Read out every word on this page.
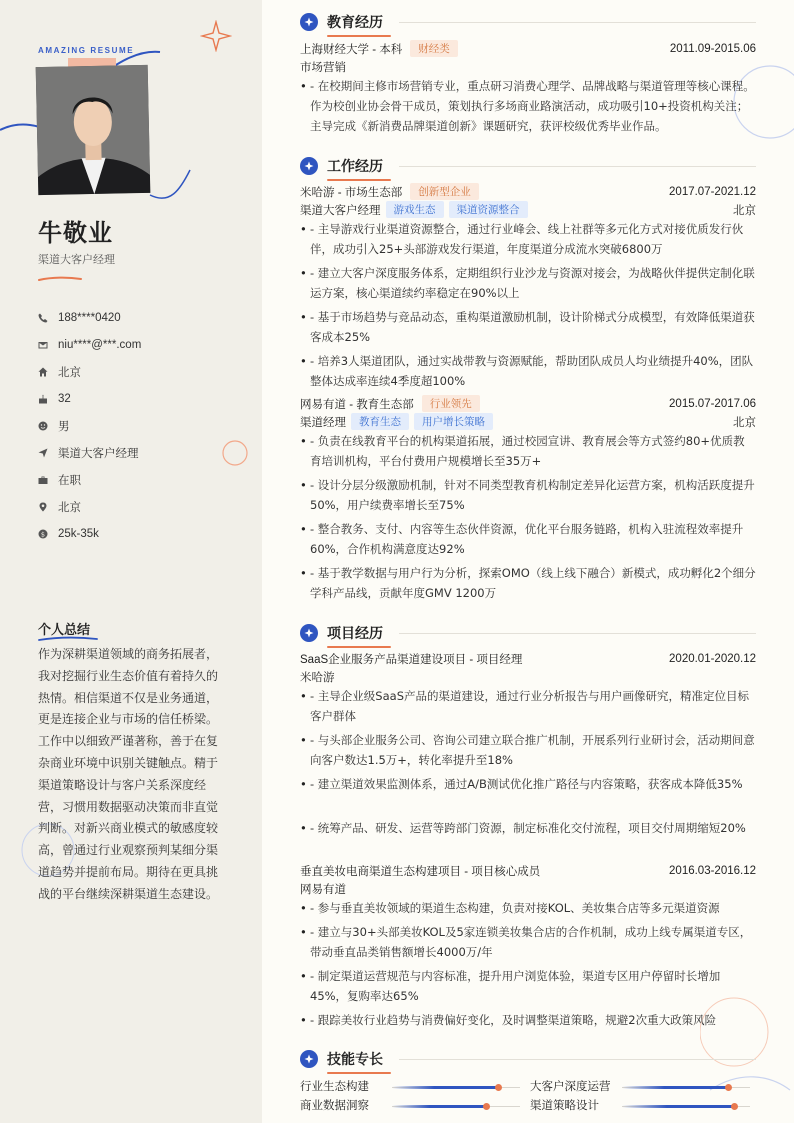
AMAZING RESUME
牛敬业
渠道大客户经理
188****0420
niu****@***.com
北京
32
男
渠道大客户经理
在职
北京
$ 25k-35k
个人总结
作为深耕渠道领域的商务拓展者，我对挖掘行业生态价值有着持久的热情。相信渠道不仅是业务通道，更是连接企业与市场的信任桥梁。工作中以细致严谨著称，善于在复杂商业环境中识别关键触点。精于渠道策略设计与客户关系深度经营，习惯用数据驱动决策而非直觉判断。对新兴商业模式的敏感度较高，曾通过行业观察预判某细分渠道趋势并提前布局。期待在更具挑战的平台继续深耕渠道生态建设。
教育经历
上海财经大学 - 本科	财经类	2011.09-2015.06
市场营销
• - 在校期间主修市场营销专业，重点研习消费心理学、品牌战略与渠道管理等核心课程。作为校创业协会骨干成员，策划执行多场商业路演活动，成功吸引10+投资机构关注；主导完成《新消费品牌渠道创新》课题研究，获评校级优秀毕业作品。
工作经历
米哈游 - 市场生态部	创新型企业	2017.07-2021.12
渠道大客户经理	游戏生态	渠道资源整合	北京
• - 主导游戏行业渠道资源整合，通过行业峰会、线上社群等多元化方式对接优质发行伙伴，成功引入25+头部游戏发行渠道，年度渠道分成流水突破6800万
• - 建立大客户深度服务体系，定期组织行业沙龙与资源对接会，为战略伙伴提供定制化联运方案，核心渠道续约率稳定在90%以上
• - 基于市场趋势与竞品动态，重构渠道激励机制，设计阶梯式分成模型，有效降低渠道获客成本25%
• - 培养3人渠道团队，通过实战带教与资源赋能，帮助团队成员人均业绩提升40%，团队整体达成率连续4季度超100%
网易有道 - 教育生态部	行业领先	2015.07-2017.06
渠道经理	教育生态	用户增长策略	北京
• - 负责在线教育平台的机构渠道拓展，通过校园宣讲、教育展会等方式签约80+优质教育培训机构，平台付费用户规模增长至35万+
• - 设计分层分级激励机制，针对不同类型教育机构制定差异化运营方案，机构活跃度提升50%，用户续费率增长至75%
• - 整合教务、支付、内容等生态伙伴资源，优化平台服务链路，机构入驻流程效率提升60%，合作机构满意度达92%
• - 基于教学数据与用户行为分析，探索OMO（线上线下融合）新模式，成功孵化2个细分学科产品线，贡献年度GMV 1200万
项目经历
SaaS企业服务产品渠道建设项目 - 项目经理	2020.01-2020.12
米哈游
• - 主导企业级SaaS产品的渠道建设，通过行业分析报告与用户画像研究，精准定位目标客户群体
• - 与头部企业服务公司、咨询公司建立联合推广机制，开展系列行业研讨会，活动期间意向客户数达1.5万+，转化率提升至18%
• - 建立渠道效果监测体系，通过A/B测试优化推广路径与内容策略，获客成本降低35%
• - 统筹产品、研发、运营等跨部门资源，制定标准化交付流程，项目交付周期缩短20%
垂直美妆电商渠道生态构建项目 - 项目核心成员	2016.03-2016.12
网易有道
• - 参与垂直美妆领域的渠道生态构建，负责对接KOL、美妆集合店等多元渠道资源
• - 建立与30+头部美妆KOL及5家连锁美妆集合店的合作机制，成功上线专属渠道专区，带动垂直品类销售额增长4000万/年
• - 制定渠道运营规范与内容标准，提升用户浏览体验，渠道专区用户停留时长增加45%，复购率达65%
• - 跟踪美妆行业趋势与消费偏好变化，及时调整渠道策略，规避2次重大政策风险
技能专长
行业生态构建	大客户深度运营
商业数据洞察	渠道策略设计
